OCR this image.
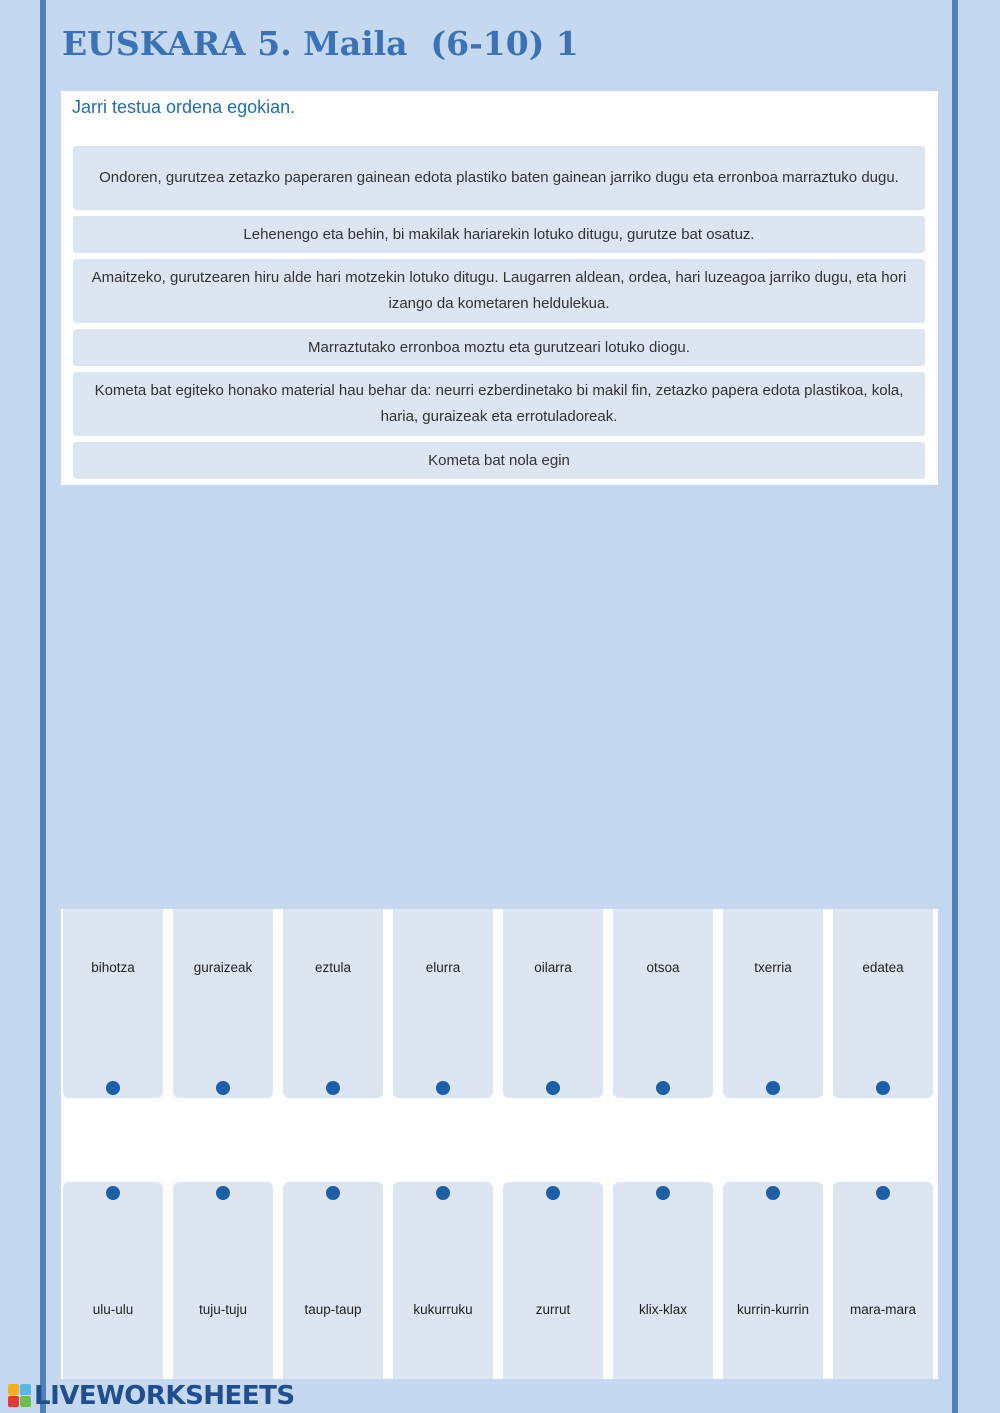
EUSKARA 5. Maila  (6-10) 1
Jarri testua ordena egokian.
Ondoren, gurutzea zetazko paperaren gainean edota plastiko baten gainean jarriko dugu eta erronboa marraztuko dugu.
Lehenengo eta behin, bi makilak hariarekin lotuko ditugu, gurutze bat osatuz.
Amaitzeko, gurutzearen hiru alde hari motzekin lotuko ditugu. Laugarren aldean, ordea, hari luzeagoa jarriko dugu, eta hori izango da kometaren heldulekua.
Marraztutako erronboa moztu eta gurutzeari lotuko diogu.
Kometa bat egiteko honako material hau behar da: neurri ezberdinetako bi makil fin, zetazko papera edota plastikoa, kola, haria, guraizeak eta errotuladoreak.
Kometa bat nola egin
bihotza	guraizeak	eztula	elurra	oilarra	otsoa	txerria	edatea
ulu-ulu	tuju-tuju	taup-taup	kukurruku	zurrut	klix-klax	kurrin-kurrin	mara-mara
LIVEWORKSHEETS
